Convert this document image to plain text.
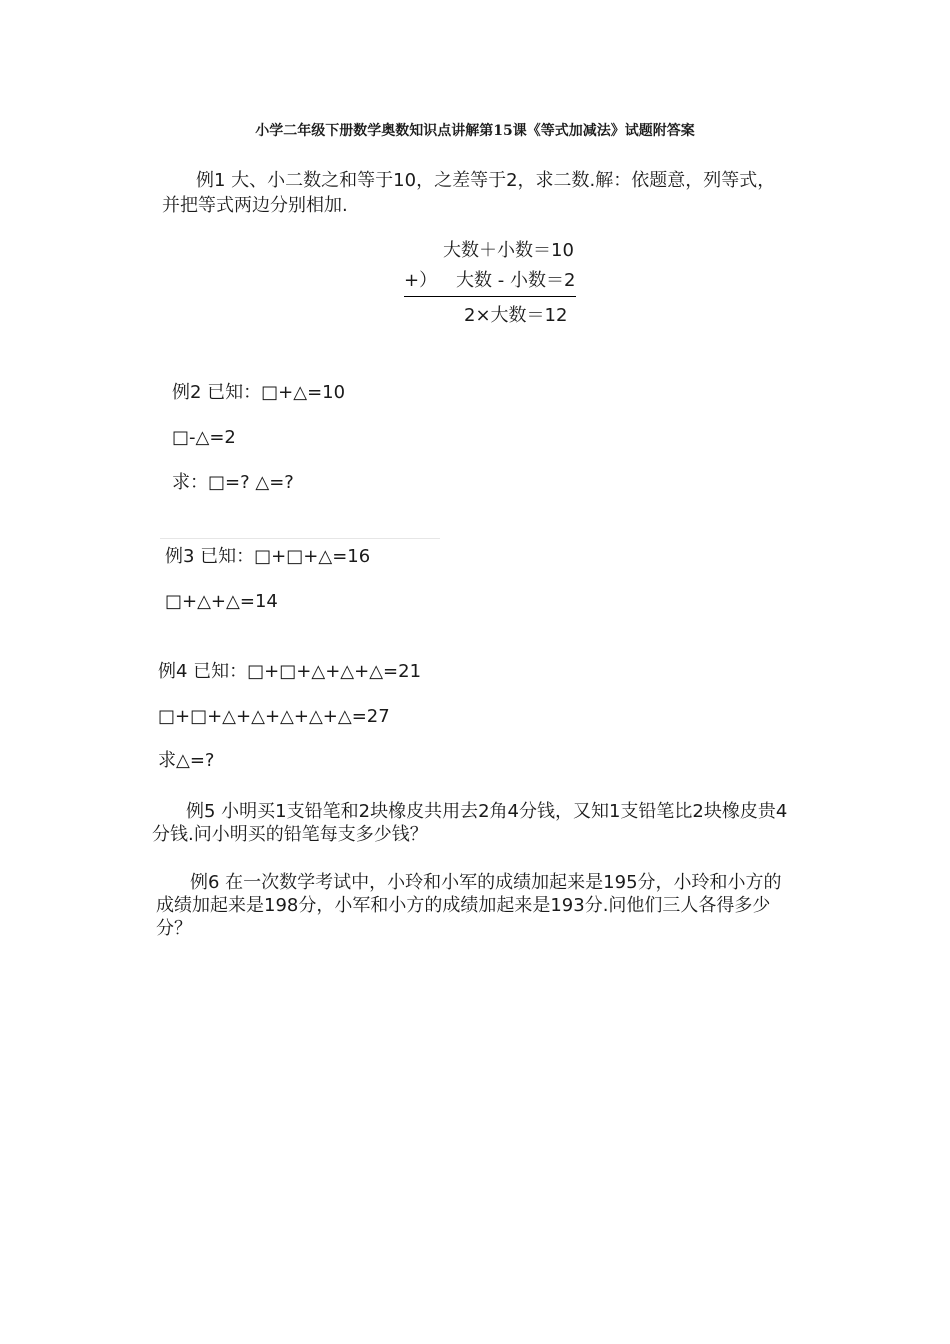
小学二年级下册数学奥数知识点讲解第15课《等式加减法》试题附答案
例1 大、小二数之和等于10，之差等于2，求二数.解：依题意，列等式，
并把等式两边分别相加.
大数＋小数＝10
+） 大数 - 小数＝2
2×大数＝12
例2 已知：□+△=10
□-△=2
求：□=? △=?
例3 已知：□+□+△=16
□+△+△=14
例4 已知：□+□+△+△+△=21
□+□+△+△+△+△+△=27
求△=?
例5 小明买1支铅笔和2块橡皮共用去2角4分钱，又知1支铅笔比2块橡皮贵4
分钱.问小明买的铅笔每支多少钱？
例6 在一次数学考试中，小玲和小军的成绩加起来是195分，小玲和小方的
成绩加起来是198分，小军和小方的成绩加起来是193分.问他们三人各得多少
分？
